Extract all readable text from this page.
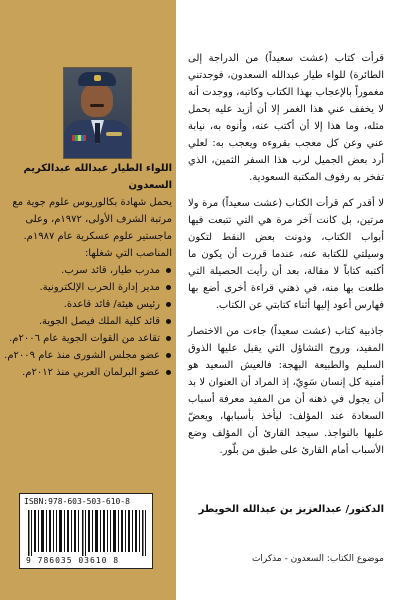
اللواء الطيار عبدالله عبدالكريم السعدون
يحمل شهادة بكالوريوس علوم جوية مع مرتبة الشرف الأولى، ١٩٧٢م، وعلى ماجستير علوم عسكرية عام ١٩٨٧م.
المناصب التي شغلها:
مدرب طيار، قائد سرب.
مدير إدارة الحرب الإلكترونية.
رئيس هيئة/ قائد قاعدة.
قائد كلية الملك فيصل الجوية.
تقاعد من القوات الجوية عام ٢٠٠٦م.
عضو مجلس الشورى منذ عام ٢٠٠٩م.
عضو البرلمان العربي منذ ٢٠١٢م.
ISBN:978-603-503-610-8
9 786035 03610 8

قرأت كتاب (عشت سعيداً) من الدراجة إلى الطائرة) للواء طيار عبدالله السعدون، فوجدتني مغموراً بالإعجاب بهذا الكتاب وكاتبه، ووجدت أنه لا يخفف عني هذا الغمر إلا أن أزيد عليه بحمل مثله، وما هذا إلا أن أكتب عنه، وأنوه به، نيابة عني وعن كل معجب بقروءه ويعجب به: لعلي أرد بعض الجميل لرب هذا السفر الثمين، الذي تفخر به رفوف المكتبة السعودية.

لا أقدر كم قرأت الكتاب (عشت سعيداً) مرة ولا مرتين، بل كانت آخر مرة هي التي تتبعت فيها أبواب الكتاب، ودونت بعض النقط لتكون وسيلتي للكتابة عنه، عندما قررت أن يكون ما أكتبه كتاباً لا مقالة، بعد أن رأيت الحصيلة التي طلعت بها منه، في ذهني قراءة أخرى أضع بها فهارس أعود إليها أثناء كتابتي عن الكتاب.

جاذبية كتاب (عشت سعيداً) جاءت من الاختصار المفيد، وروح التشاؤل التي يقبل عليها الذوق السليم والطبيعة البهجة: فالعيش السعيد هو أمنية كل إنسان سَوِيّ، إذ المراد أن العنوان لا بد أن يجول في ذهنه أن من المفيد معرفة أسباب السعادة عند المؤلف: ليأخذ بأسبابها، ويعضّ عليها بالنواجذ. سيجد القارئ أن المؤلف وضع الأسباب أمام القارئ على طبق من بلّور.

الدكتور/ عبدالعزيز بن عبدالله الخويطر
موضوع الكتاب: السعدون - مذكرات
